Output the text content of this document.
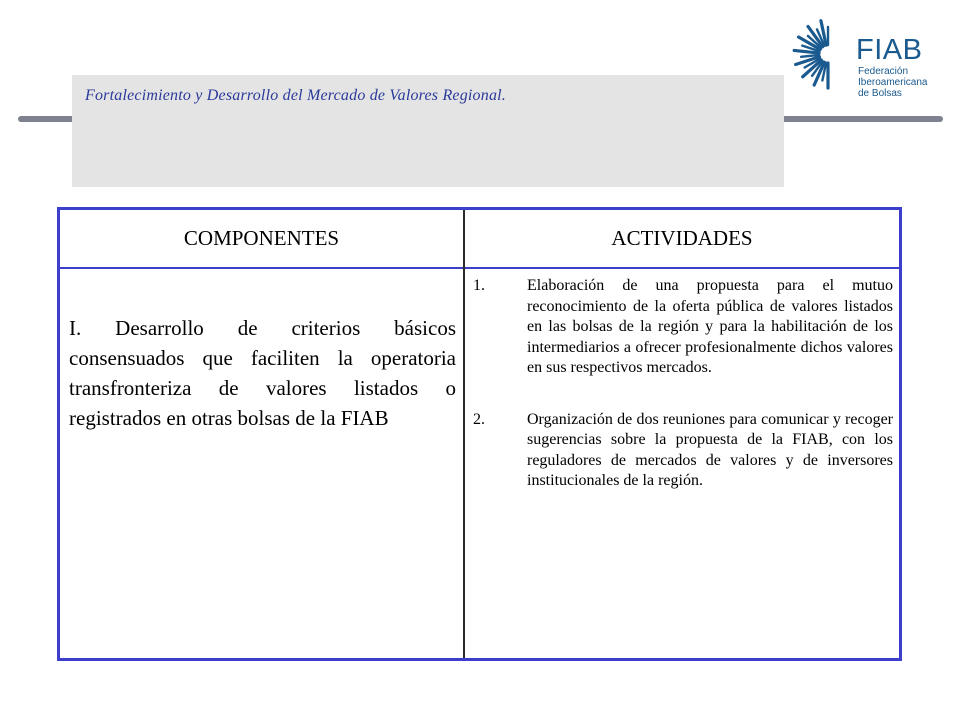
Fortalecimiento y Desarrollo del Mercado de Valores Regional.
FIAB
Federación
Iberoamericana
de Bolsas
COMPONENTES	ACTIVIDADES
I. Desarrollo de criterios básicos consensuados que faciliten la operatoria transfronteriza de valores listados o registrados en otras bolsas de la FIAB
1.	Elaboración de una propuesta para el mutuo reconocimiento de la oferta pública de valores listados en las bolsas de la región y para la habilitación de los intermediarios a ofrecer profesionalmente dichos valores en sus respectivos mercados.
2.	Organización de dos reuniones para comunicar y recoger sugerencias sobre la propuesta de la FIAB, con los reguladores de mercados de valores y de inversores institucionales de la región.
